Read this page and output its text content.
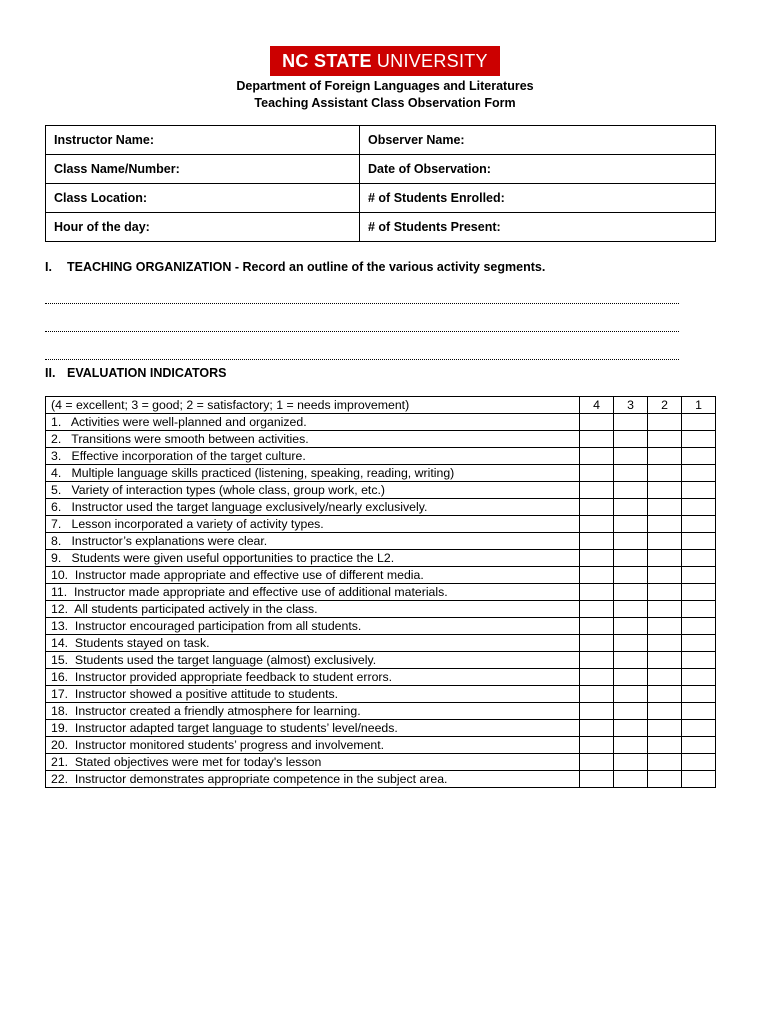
NC STATE UNIVERSITY
Department of Foreign Languages and Literatures
Teaching Assistant Class Observation Form
Instructor Name:	Observer Name:
Class Name/Number:	Date of Observation:
Class Location:	# of Students Enrolled:
Hour of the day:	# of Students Present:
I. TEACHING ORGANIZATION - Record an outline of the various activity segments.
II. EVALUATION INDICATORS
(4 = excellent; 3 = good; 2 = satisfactory; 1 = needs improvement)	4	3	2	1
1.   Activities were well-planned and organized.				
2.   Transitions were smooth between activities.				
3.   Effective incorporation of the target culture.				
4.   Multiple language skills practiced (listening, speaking, reading, writing)				
5.   Variety of interaction types (whole class, group work, etc.)				
6.   Instructor used the target language exclusively/nearly exclusively.				
7.   Lesson incorporated a variety of activity types.				
8.   Instructor’s explanations were clear.				
9.   Students were given useful opportunities to practice the L2.				
10.  Instructor made appropriate and effective use of different media.				
11.  Instructor made appropriate and effective use of additional materials.				
12.  All students participated actively in the class.				
13.  Instructor encouraged participation from all students.				
14.  Students stayed on task.				
15.  Students used the target language (almost) exclusively.				
16.  Instructor provided appropriate feedback to student errors.				
17.  Instructor showed a positive attitude to students.				
18.  Instructor created a friendly atmosphere for learning.				
19.  Instructor adapted target language to students’ level/needs.				
20.  Instructor monitored students’ progress and involvement.				
21.  Stated objectives were met for today's lesson				
22.  Instructor demonstrates appropriate competence in the subject area.				
